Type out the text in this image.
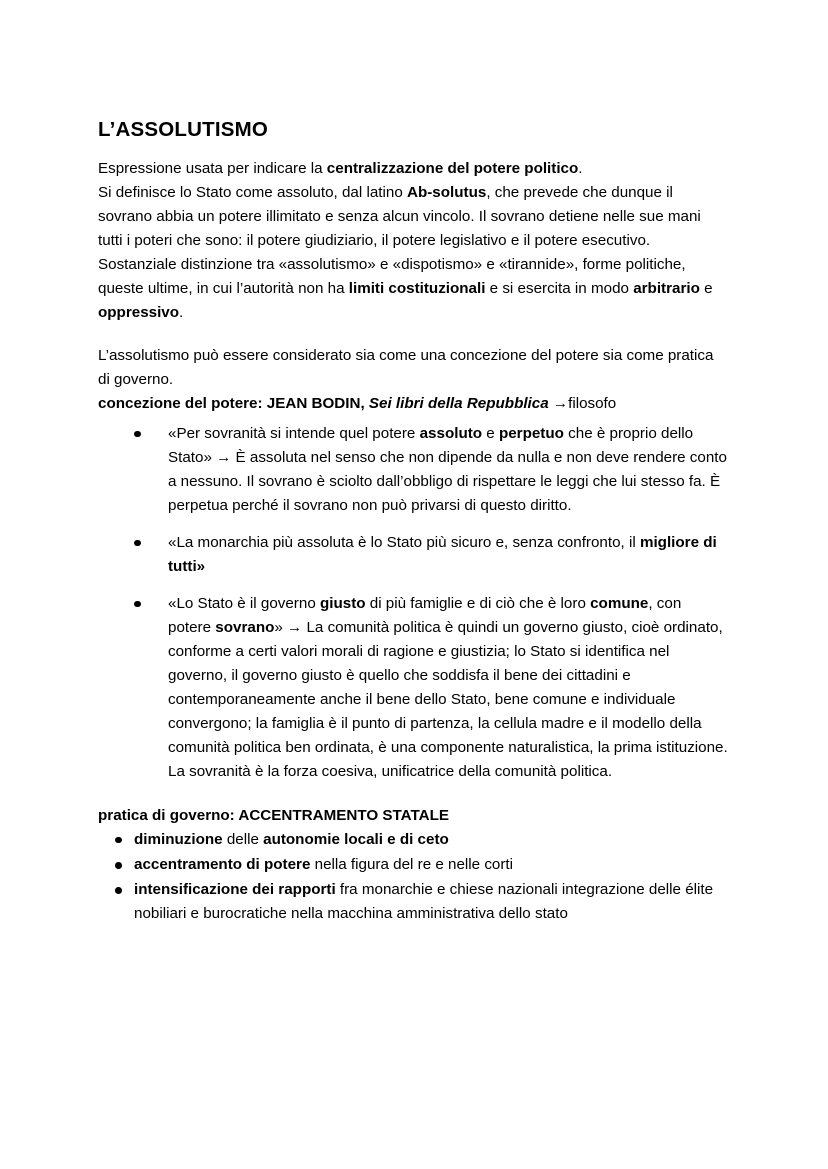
L’ASSOLUTISMO

Espressione usata per indicare la centralizzazione del potere politico.

Si definisce lo Stato come assoluto, dal latino Ab-solutus, che prevede che dunque il sovrano abbia un potere illimitato e senza alcun vincolo. Il sovrano detiene nelle sue mani tutti i poteri che sono: il potere giudiziario, il potere legislativo e il potere esecutivo.

Sostanziale distinzione tra «assolutismo» e «dispotismo» e «tirannide», forme politiche, queste ultime, in cui l’autorità non ha limiti costituzionali e si esercita in modo arbitrario e oppressivo.

L’assolutismo può essere considerato sia come una concezione del potere sia come pratica di governo.

concezione del potere: JEAN BODIN, Sei libri della Repubblica →filosofo

«Per sovranità si intende quel potere assoluto e perpetuo che è proprio dello Stato» → È assoluta nel senso che non dipende da nulla e non deve rendere conto a nessuno. Il sovrano è sciolto dall’obbligo di rispettare le leggi che lui stesso fa. È perpetua perché il sovrano non può privarsi di questo diritto.
«La monarchia più assoluta è lo Stato più sicuro e, senza confronto, il migliore di tutti»
«Lo Stato è il governo giusto di più famiglie e di ciò che è loro comune, con potere sovrano» → La comunità politica è quindi un governo giusto, cioè ordinato, conforme a certi valori morali di ragione e giustizia; lo Stato si identifica nel governo, il governo giusto è quello che soddisfa il bene dei cittadini e contemporaneamente anche il bene dello Stato, bene comune e individuale convergono; la famiglia è il punto di partenza, la cellula madre e il modello della comunità politica ben ordinata, è una componente naturalistica, la prima istituzione. La sovranità è la forza coesiva, unificatrice della comunità politica.

pratica di governo: ACCENTRAMENTO STATALE

diminuzione delle autonomie locali e di ceto
accentramento di potere nella figura del re e nelle corti
intensificazione dei rapporti fra monarchie e chiese nazionali integrazione delle élite nobiliari e burocratiche nella macchina amministrativa dello stato
